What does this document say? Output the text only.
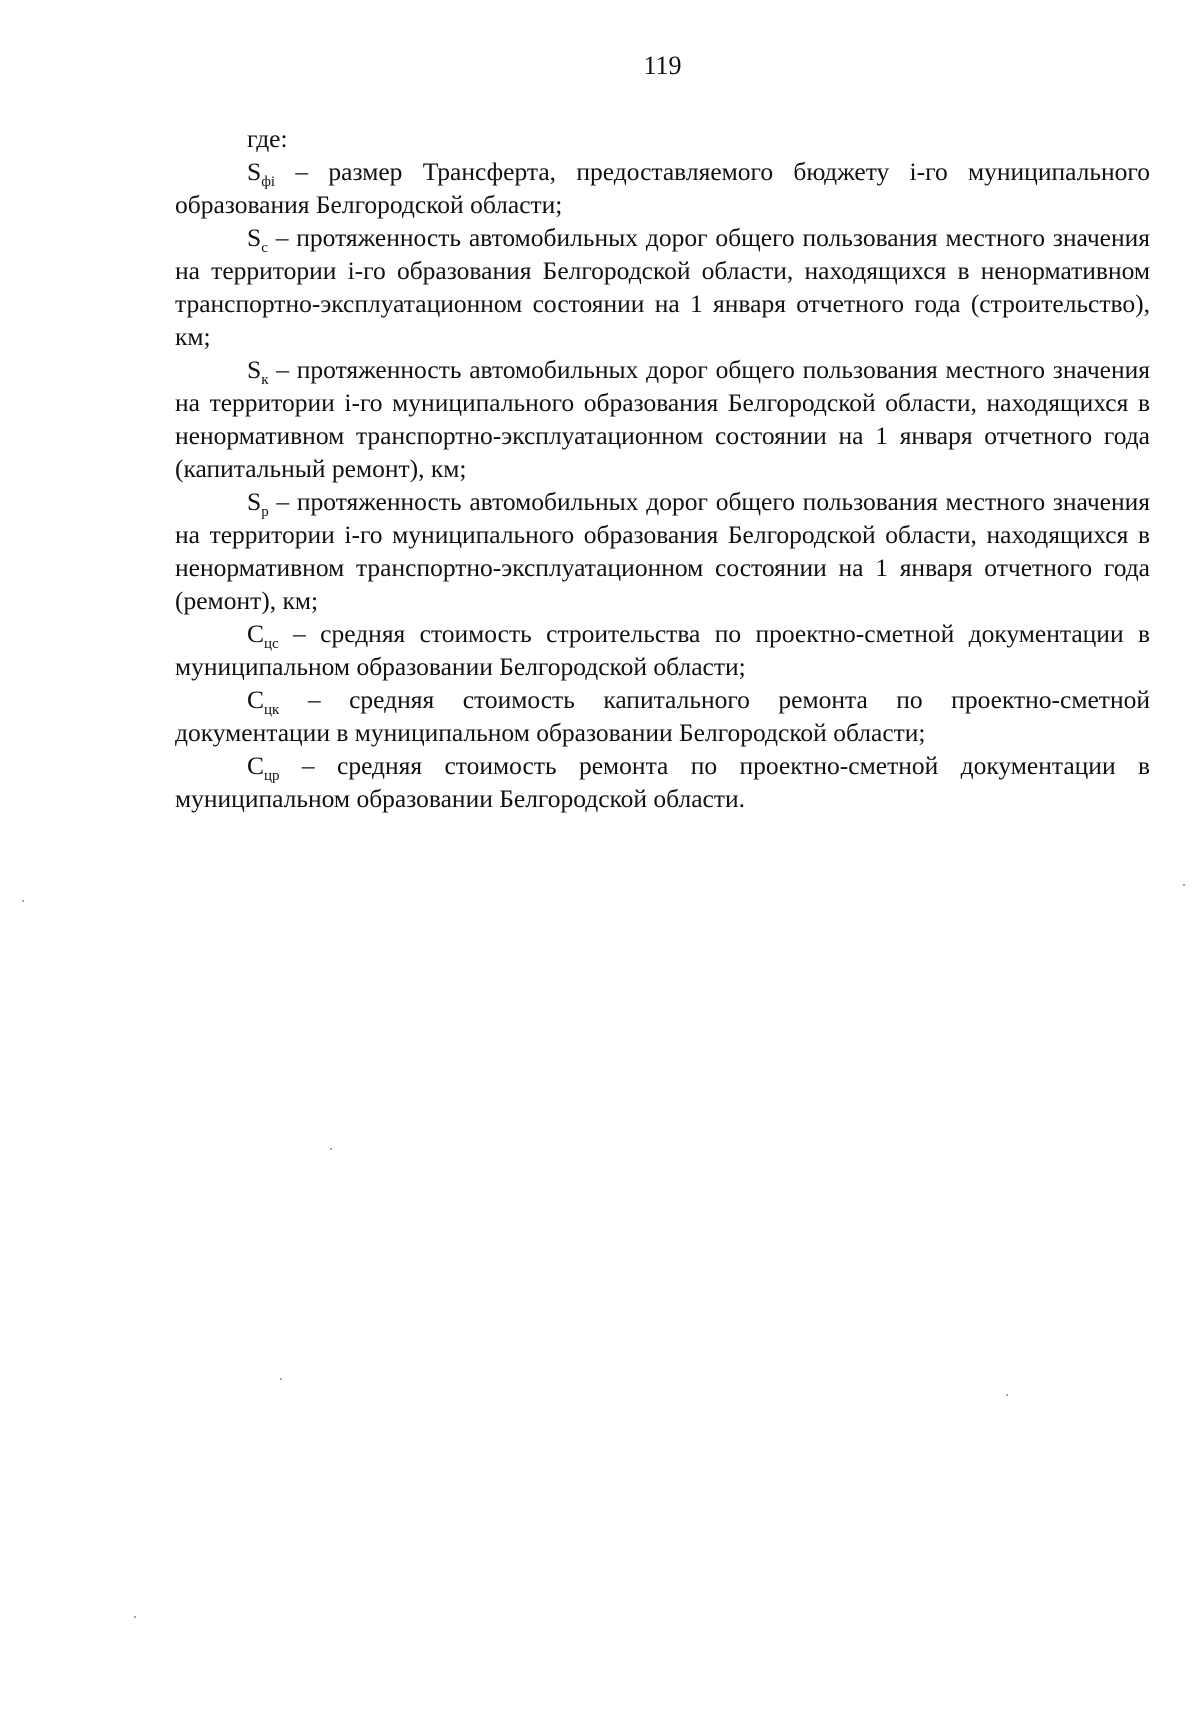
119

где:

$S_{фi}$ – размер Трансферта, предоставляемого бюджету i-го муниципального образования Белгородской области;

$S_с$ – протяженность автомобильных дорог общего пользования местного значения на территории i-го образования Белгородской области, находящихся в ненормативном транспортно-эксплуатационном состоянии на 1 января отчетного года (строительство), км;

$S_к$ – протяженность автомобильных дорог общего пользования местного значения на территории i-го муниципального образования Белгородской области, находящихся в ненормативном транспортно-эксплуатационном состоянии на 1 января отчетного года (капитальный ремонт), км;

$S_р$ – протяженность автомобильных дорог общего пользования местного значения на территории i-го муниципального образования Белгородской области, находящихся в ненормативном транспортно-эксплуатационном состоянии на 1 января отчетного года (ремонт), км;

$С_{цс}$ – средняя стоимость строительства по проектно-сметной документации в муниципальном образовании Белгородской области;

$С_{цк}$ – средняя стоимость капитального ремонта по проектно-сметной документации в муниципальном образовании Белгородской области;

$С_{цр}$ – средняя стоимость ремонта по проектно-сметной документации в муниципальном образовании Белгородской области.
